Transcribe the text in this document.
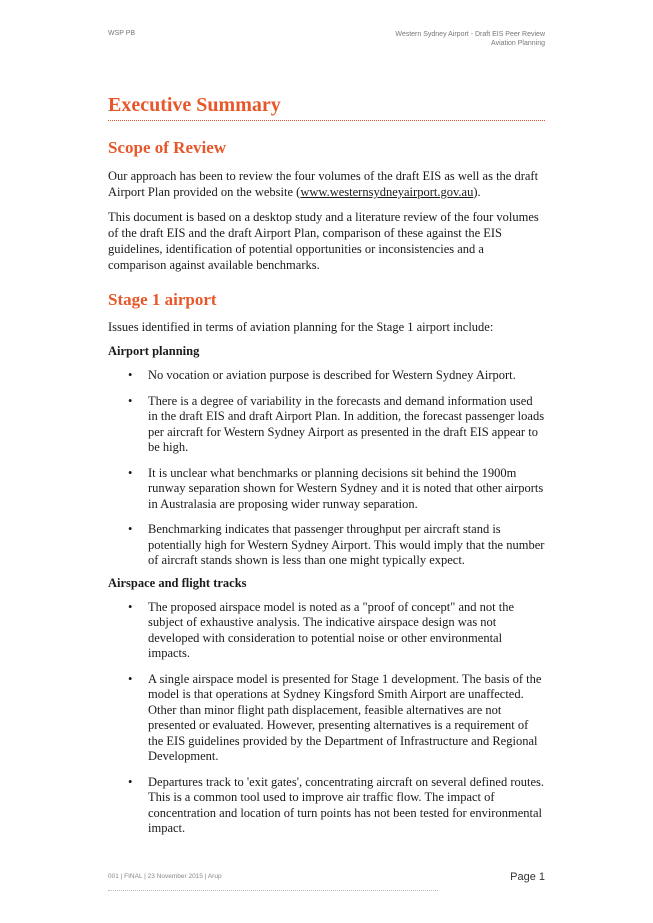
WSP PB	Western Sydney Airport - Draft EIS Peer Review
Aviation Planning
Executive Summary
Scope of Review

Our approach has been to review the four volumes of the draft EIS as well as the draft Airport Plan provided on the website (www.westernsydneyairport.gov.au).

This document is based on a desktop study and a literature review of the four volumes of the draft EIS and the draft Airport Plan, comparison of these against the EIS guidelines, identification of potential opportunities or inconsistencies and a comparison against available benchmarks.

Stage 1 airport

Issues identified in terms of aviation planning for the Stage 1 airport include:

Airport planning
• No vocation or aviation purpose is described for Western Sydney Airport.
• There is a degree of variability in the forecasts and demand information used in the draft EIS and draft Airport Plan. In addition, the forecast passenger loads per aircraft for Western Sydney Airport as presented in the draft EIS appear to be high.
• It is unclear what benchmarks or planning decisions sit behind the 1900m runway separation shown for Western Sydney and it is noted that other airports in Australasia are proposing wider runway separation.
• Benchmarking indicates that passenger throughput per aircraft stand is potentially high for Western Sydney Airport. This would imply that the number of aircraft stands shown is less than one might typically expect.
Airspace and flight tracks
• The proposed airspace model is noted as a "proof of concept" and not the subject of exhaustive analysis. The indicative airspace design was not developed with consideration to potential noise or other environmental impacts.
• A single airspace model is presented for Stage 1 development. The basis of the model is that operations at Sydney Kingsford Smith Airport are unaffected. Other than minor flight path displacement, feasible alternatives are not presented or evaluated. However, presenting alternatives is a requirement of the EIS guidelines provided by the Department of Infrastructure and Regional Development.
• Departures track to 'exit gates', concentrating aircraft on several defined routes. This is a common tool used to improve air traffic flow. The impact of concentration and location of turn points has not been tested for environmental impact.
001 | FINAL | 23 November 2015 | Arup	Page 1
